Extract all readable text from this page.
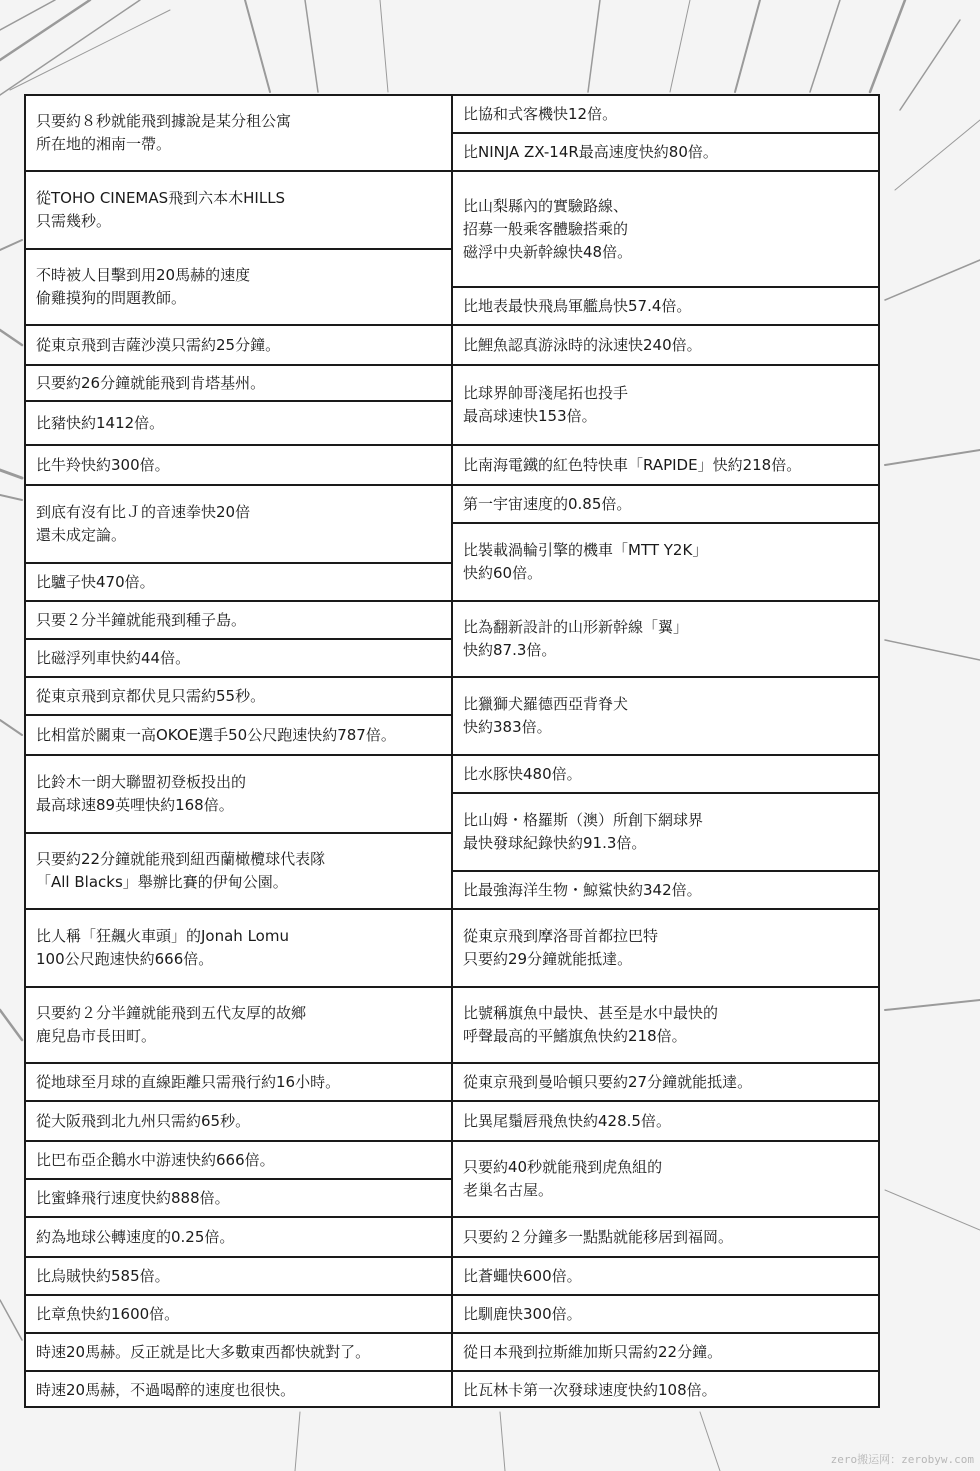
只要約８秒就能飛到據說是某分租公寓
所在地的湘南一帶。
從TOHO CINEMAS飛到六本木HILLS
只需幾秒。
不時被人目擊到用20馬赫的速度
偷雞摸狗的問題教師。
從東京飛到吉薩沙漠只需約25分鐘。
只要約26分鐘就能飛到肯塔基州。
比豬快約1412倍。
比牛羚快約300倍。
到底有沒有比Ｊ的音速拳快20倍
還未成定論。
比驢子快470倍。
只要２分半鐘就能飛到種子島。
比磁浮列車快約44倍。
從東京飛到京都伏見只需約55秒。
比相當於關東一高OKOE選手50公尺跑速快約787倍。
比鈴木一朗大聯盟初登板投出的
最高球速89英哩快約168倍。
只要約22分鐘就能飛到紐西蘭橄欖球代表隊
「All Blacks」舉辦比賽的伊甸公園。
比人稱「狂飆火車頭」的Jonah Lomu
100公尺跑速快約666倍。
只要約２分半鐘就能飛到五代友厚的故鄉
鹿兒島市長田町。
從地球至月球的直線距離只需飛行約16小時。
從大阪飛到北九州只需約65秒。
比巴布亞企鵝水中游速快約666倍。
比蜜蜂飛行速度快約888倍。
約為地球公轉速度的0.25倍。
比烏賊快約585倍。
比章魚快約1600倍。
時速20馬赫。反正就是比大多數東西都快就對了。
時速20馬赫，不過喝醉的速度也很快。
比協和式客機快12倍。
比NINJA ZX-14R最高速度快約80倍。
比山梨縣內的實驗路線、
招募一般乘客體驗搭乘的
磁浮中央新幹線快48倍。
比地表最快飛鳥軍艦鳥快57.4倍。
比鯉魚認真游泳時的泳速快240倍。
比球界帥哥淺尾拓也投手
最高球速快153倍。
比南海電鐵的紅色特快車「RAPIDE」快約218倍。
第一宇宙速度的0.85倍。
比裝載渦輪引擎的機車「MTT Y2K」
快約60倍。
比為翻新設計的山形新幹線「翼」
快約87.3倍。
比獵獅犬羅德西亞背脊犬
快約383倍。
比水豚快480倍。
比山姆・格羅斯（澳）所創下網球界
最快發球紀錄快約91.3倍。
比最強海洋生物・鯨鯊快約342倍。
從東京飛到摩洛哥首都拉巴特
只要約29分鐘就能抵達。
比號稱旗魚中最快、甚至是水中最快的
呼聲最高的平鰭旗魚快約218倍。
從東京飛到曼哈頓只要約27分鐘就能抵達。
比異尾鬚唇飛魚快約428.5倍。
只要約40秒就能飛到虎魚組的
老巢名古屋。
只要約２分鐘多一點點就能移居到福岡。
比蒼蠅快600倍。
比馴鹿快300倍。
從日本飛到拉斯維加斯只需約22分鐘。
比瓦林卡第一次發球速度快約108倍。
zero搬运网：zerobyw.com
